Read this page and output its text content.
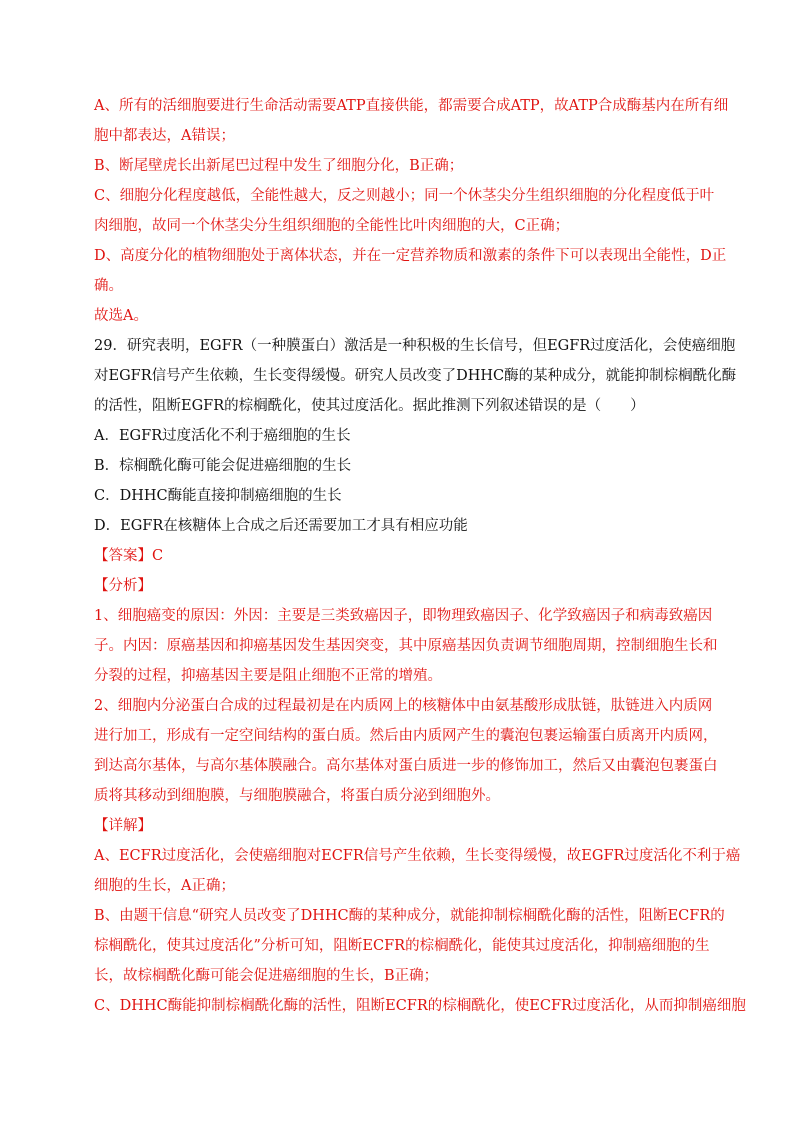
A、所有的活细胞要进行生命活动需要ATP直接供能，都需要合成ATP，故ATP合成酶基内在所有细
胞中都表达，A错误；
B、断尾壁虎长出新尾巴过程中发生了细胞分化，B正确；
C、细胞分化程度越低，全能性越大，反之则越小；同一个休茎尖分生组织细胞的分化程度低于叶
肉细胞，故同一个休茎尖分生组织细胞的全能性比叶肉细胞的大，C正确；
D、高度分化的植物细胞处于离体状态，并在一定营养物质和激素的条件下可以表现出全能性，D正
确。
故选A。
29．研究表明，EGFR（一种膜蛋白）激活是一种积极的生长信号，但EGFR过度活化，会使癌细胞
对EGFR信号产生依赖，生长变得缓慢。研究人员改变了DHHC酶的某种成分，就能抑制棕榈酰化酶
的活性，阻断EGFR的棕榈酰化，使其过度活化。据此推测下列叙述错误的是（　　）
A．EGFR过度活化不利于癌细胞的生长
B．棕榈酰化酶可能会促进癌细胞的生长
C．DHHC酶能直接抑制癌细胞的生长
D．EGFR在核糖体上合成之后还需要加工才具有相应功能
【答案】C
【分析】
1、细胞癌变的原因：外因：主要是三类致癌因子，即物理致癌因子、化学致癌因子和病毒致癌因
子。内因：原癌基因和抑癌基因发生基因突变，其中原癌基因负责调节细胞周期，控制细胞生长和
分裂的过程，抑癌基因主要是阻止细胞不正常的增殖。
2、细胞内分泌蛋白合成的过程最初是在内质网上的核糖体中由氨基酸形成肽链，肽链进入内质网
进行加工，形成有一定空间结构的蛋白质。然后由内质网产生的囊泡包裹运输蛋白质离开内质网，
到达高尔基体，与高尔基体膜融合。高尔基体对蛋白质进一步的修饰加工，然后又由囊泡包裹蛋白
质将其移动到细胞膜，与细胞膜融合，将蛋白质分泌到细胞外。
【详解】
A、ECFR过度活化，会使癌细胞对ECFR信号产生依赖，生长变得缓慢，故EGFR过度活化不利于癌
细胞的生长，A正确；
B、由题干信息“研究人员改变了DHHC酶的某种成分，就能抑制棕榈酰化酶的活性，阻断ECFR的
棕榈酰化，使其过度活化”分析可知，阻断ECFR的棕榈酰化，能使其过度活化，抑制癌细胞的生
长，故棕榈酰化酶可能会促进癌细胞的生长，B正确；
C、DHHC酶能抑制棕榈酰化酶的活性，阻断ECFR的棕榈酰化，使ECFR过度活化，从而抑制癌细胞
